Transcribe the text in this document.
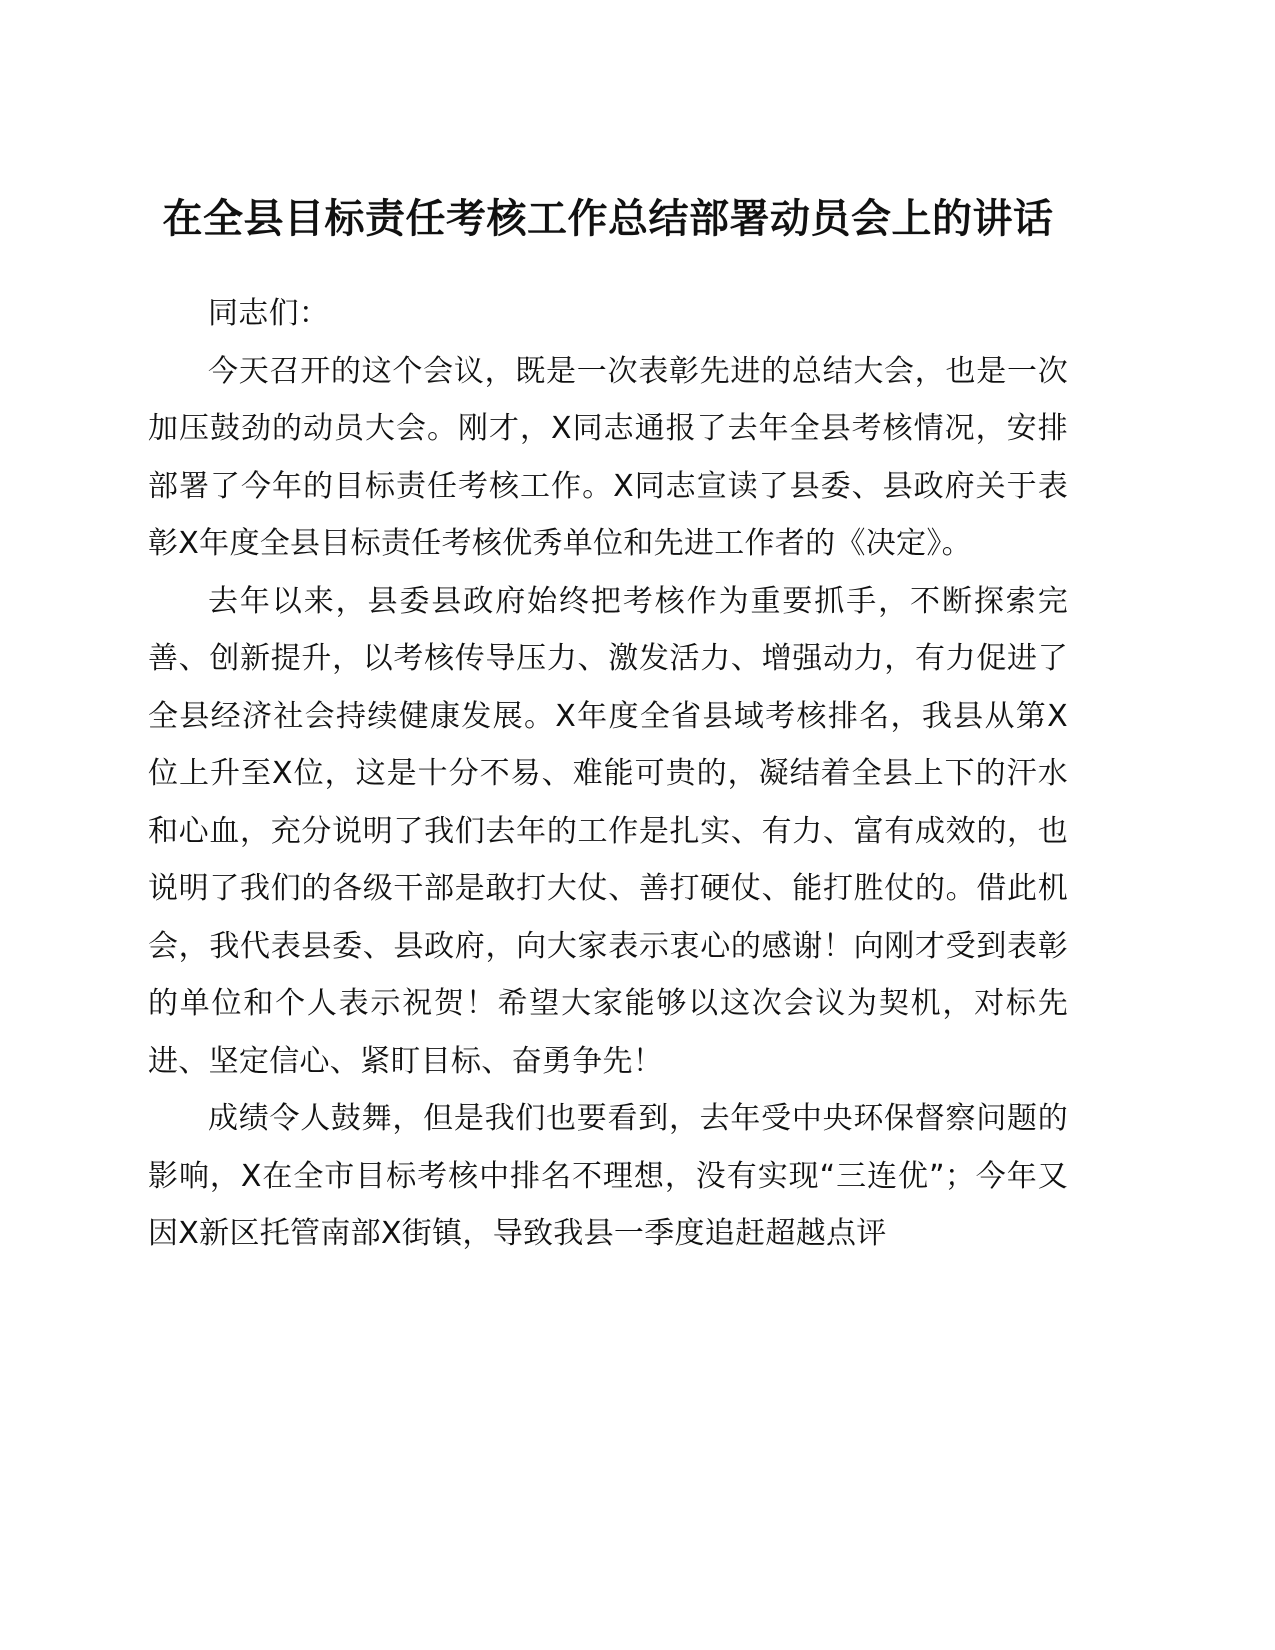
在全县目标责任考核工作总结部署动员会上的讲话

同志们：

今天召开的这个会议，既是一次表彰先进的总结大会，也是一次加压鼓劲的动员大会。刚才，X同志通报了去年全县考核情况，安排部署了今年的目标责任考核工作。X同志宣读了县委、县政府关于表彰X年度全县目标责任考核优秀单位和先进工作者的《决定》。

去年以来，县委县政府始终把考核作为重要抓手，不断探索完善、创新提升，以考核传导压力、激发活力、增强动力，有力促进了全县经济社会持续健康发展。X年度全省县域考核排名，我县从第X位上升至X位，这是十分不易、难能可贵的，凝结着全县上下的汗水和心血，充分说明了我们去年的工作是扎实、有力、富有成效的，也说明了我们的各级干部是敢打大仗、善打硬仗、能打胜仗的。借此机会，我代表县委、县政府，向大家表示衷心的感谢！向刚才受到表彰的单位和个人表示祝贺！希望大家能够以这次会议为契机，对标先进、坚定信心、紧盯目标、奋勇争先！

成绩令人鼓舞，但是我们也要看到，去年受中央环保督察问题的影响，X在全市目标考核中排名不理想，没有实现“三连优”；今年又因X新区托管南部X街镇，导致我县一季度追赶超越点评
